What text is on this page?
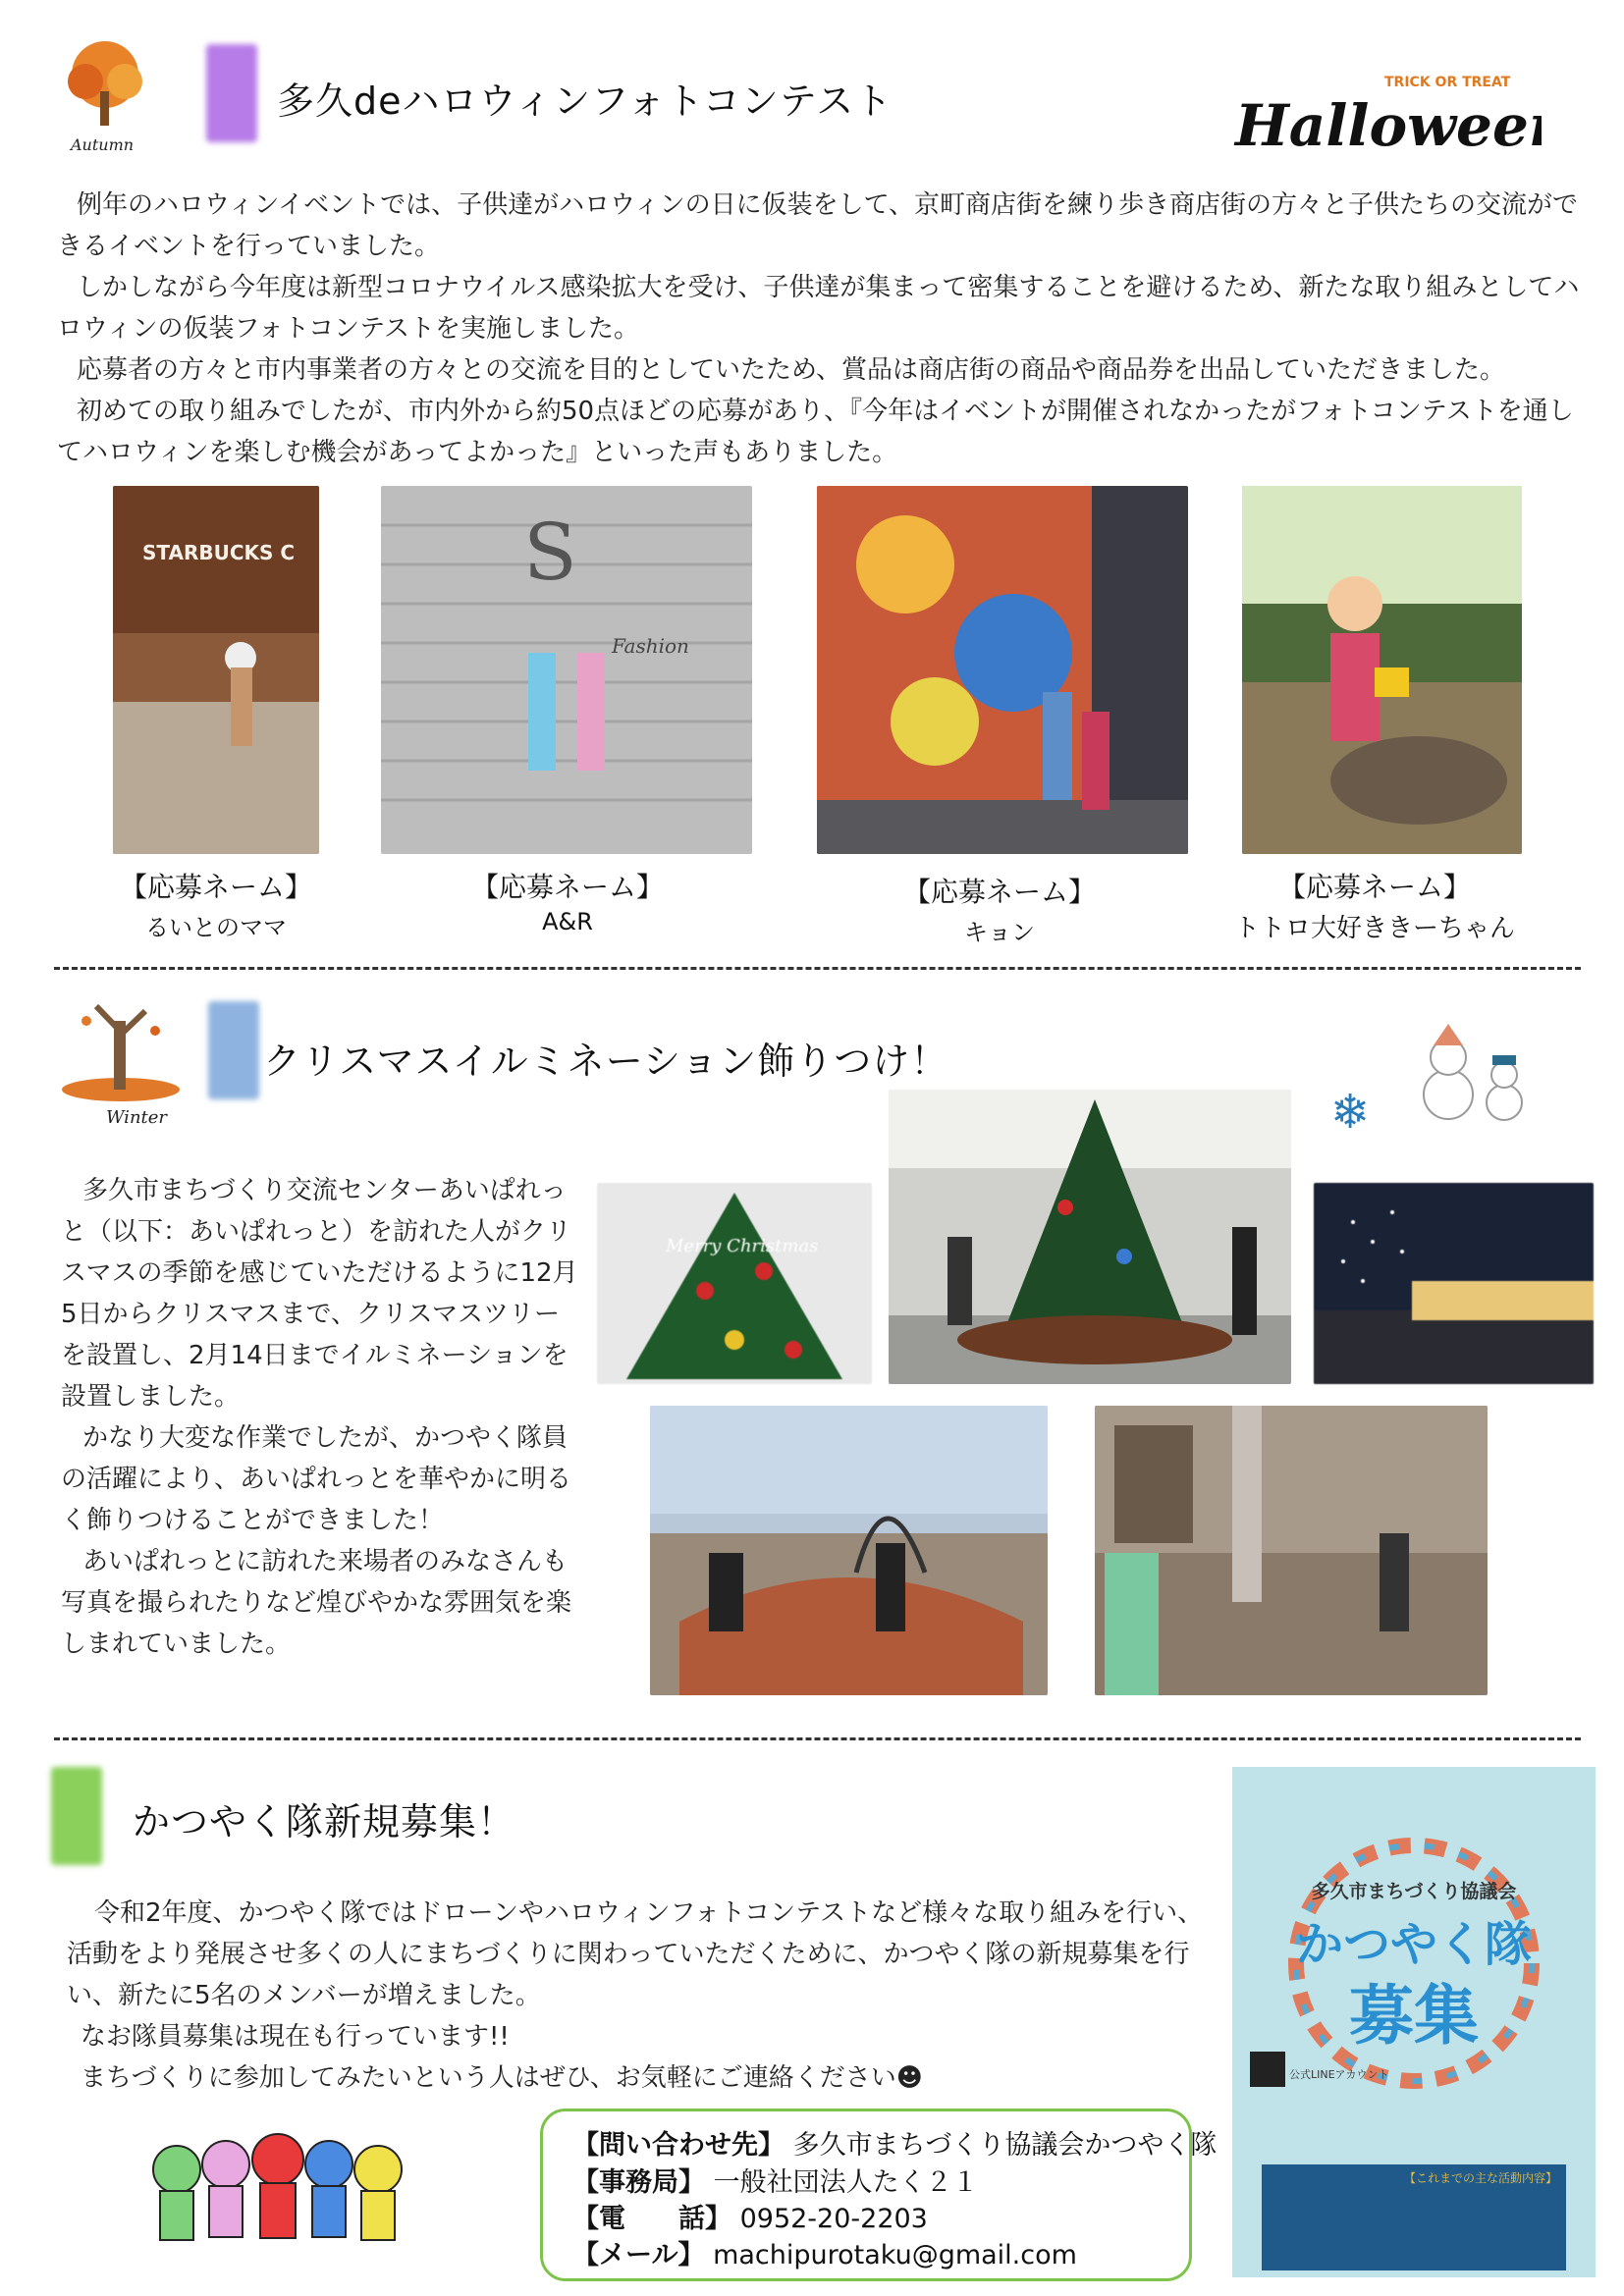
Autumn
多久deハロウィンフォトコンテスト	TRICK OR TREAT
Halloween

例年のハロウィンイベントでは、子供達がハロウィンの日に仮装をして、京町商店街を練り歩き商店街の方々と子供たちの交流ができるイベントを行っていました。

しかしながら今年度は新型コロナウイルス感染拡大を受け、子供達が集まって密集することを避けるため、新たな取り組みとしてハロウィンの仮装フォトコンテストを実施しました。

応募者の方々と市内事業者の方々との交流を目的としていたため、賞品は商店街の商品や商品券を出品していただきました。

初めての取り組みでしたが、市内外から約50点ほどの応募があり、『今年はイベントが開催されなかったがフォトコンテストを通してハロウィンを楽しむ機会があってよかった』といった声もありました。

STARBUCKS C	S
Fashion
【応募ネーム】
るいとのママ
【応募ネーム】
A&R
【応募ネーム】
キョン
【応募ネーム】
トトロ大好ききーちゃん
Winter
クリスマスイルミネーション飾りつけ！
❄

多久市まちづくり交流センターあいぱれっと（以下：あいぱれっと）を訪れた人がクリスマスの季節を感じていただけるように12月5日からクリスマスまで、クリスマスツリーを設置し、2月14日までイルミネーションを設置しました。

かなり大変な作業でしたが、かつやく隊員の活躍により、あいぱれっとを華やかに明るく飾りつけることができました！

あいぱれっとに訪れた来場者のみなさんも写真を撮られたりなど煌びやかな雰囲気を楽しまれていました。

Merry Christmas
かつやく隊新規募集！

令和2年度、かつやく隊ではドローンやハロウィンフォトコンテストなど様々な取り組みを行い、活動をより発展させ多くの人にまちづくりに関わっていただくために、かつやく隊の新規募集を行い、新たに5名のメンバーが増えました。

なお隊員募集は現在も行っています!!

まちづくりに参加してみたいという人はぜひ、お気軽にご連絡ください☻

多久市まちづくり協議会
かつやく隊
募集
公式LINEアカウント
【これまでの主な活動内容】
【問い合わせ先】 多久市まちづくり協議会かつやく隊
【事務局】 一般社団法人たく２１
【電　　話】 0952-20-2203
【メール】 machipurotaku@gmail.com
